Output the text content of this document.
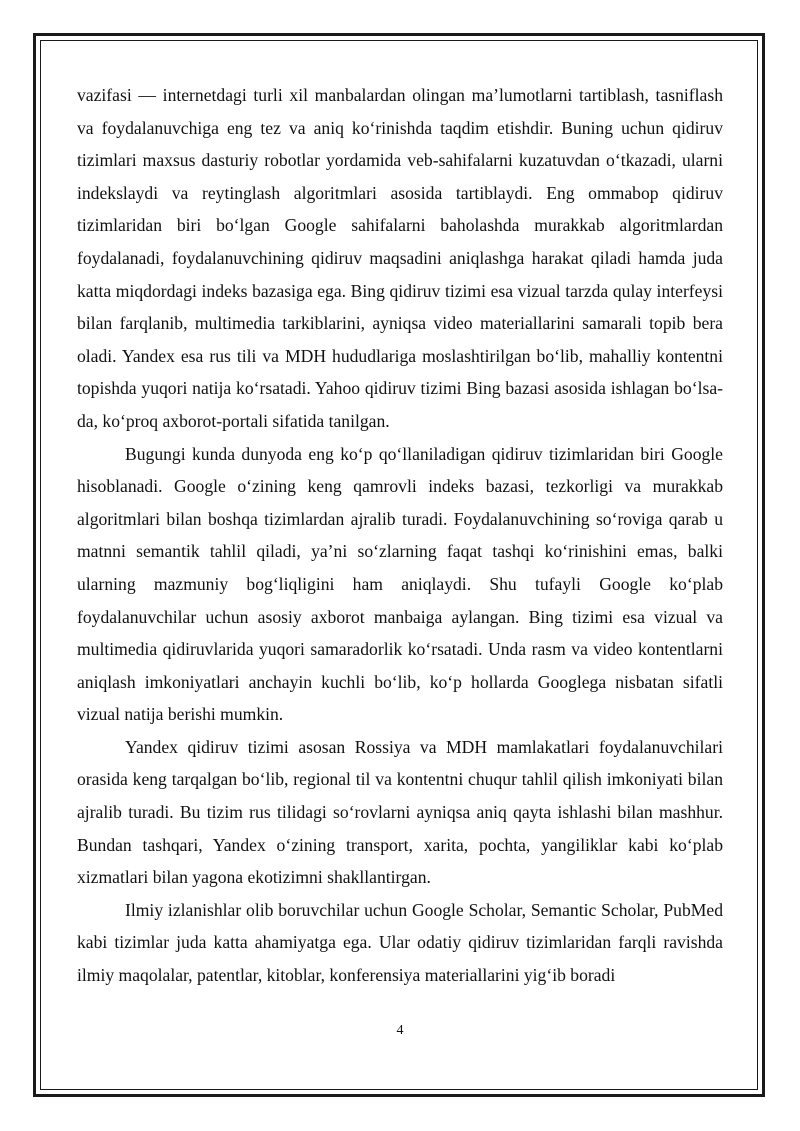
vazifasi — internetdagi turli xil manbalardan olingan ma’lumotlarni tartiblash, tasniflash va foydalanuvchiga eng tez va aniq ko‘rinishda taqdim etishdir. Buning uchun qidiruv tizimlari maxsus dasturiy robotlar yordamida veb-sahifalarni kuzatuvdan o‘tkazadi, ularni indekslaydi va reytinglash algoritmlari asosida tartiblaydi. Eng ommabop qidiruv tizimlaridan biri bo‘lgan Google sahifalarni baholashda murakkab algoritmlardan foydalanadi, foydalanuvchining qidiruv maqsadini aniqlashga harakat qiladi hamda juda katta miqdordagi indeks bazasiga ega. Bing qidiruv tizimi esa vizual tarzda qulay interfeysi bilan farqlanib, multimedia tarkiblarini, ayniqsa video materiallarini samarali topib bera oladi. Yandex esa rus tili va MDH hududlariga moslashtirilgan bo‘lib, mahalliy kontentni topishda yuqori natija ko‘rsatadi. Yahoo qidiruv tizimi Bing bazasi asosida ishlagan bo‘lsa-da, ko‘proq axborot-portali sifatida tanilgan.

Bugungi kunda dunyoda eng ko‘p qo‘llaniladigan qidiruv tizimlaridan biri Google hisoblanadi. Google o‘zining keng qamrovli indeks bazasi, tezkorligi va murakkab algoritmlari bilan boshqa tizimlardan ajralib turadi. Foydalanuvchining so‘roviga qarab u matnni semantik tahlil qiladi, ya’ni so‘zlarning faqat tashqi ko‘rinishini emas, balki ularning mazmuniy bog‘liqligini ham aniqlaydi. Shu tufayli Google ko‘plab foydalanuvchilar uchun asosiy axborot manbaiga aylangan. Bing tizimi esa vizual va multimedia qidiruvlarida yuqori samaradorlik ko‘rsatadi. Unda rasm va video kontentlarni aniqlash imkoniyatlari anchayin kuchli bo‘lib, ko‘p hollarda Googlega nisbatan sifatli vizual natija berishi mumkin.

Yandex qidiruv tizimi asosan Rossiya va MDH mamlakatlari foydalanuvchilari orasida keng tarqalgan bo‘lib, regional til va kontentni chuqur tahlil qilish imkoniyati bilan ajralib turadi. Bu tizim rus tilidagi so‘rovlarni ayniqsa aniq qayta ishlashi bilan mashhur. Bundan tashqari, Yandex o‘zining transport, xarita, pochta, yangiliklar kabi ko‘plab xizmatlari bilan yagona ekotizimni shakllantirgan.

Ilmiy izlanishlar olib boruvchilar uchun Google Scholar, Semantic Scholar, PubMed kabi tizimlar juda katta ahamiyatga ega. Ular odatiy qidiruv tizimlaridan farqli ravishda ilmiy maqolalar, patentlar, kitoblar, konferensiya materiallarini yig‘ib boradi

4
